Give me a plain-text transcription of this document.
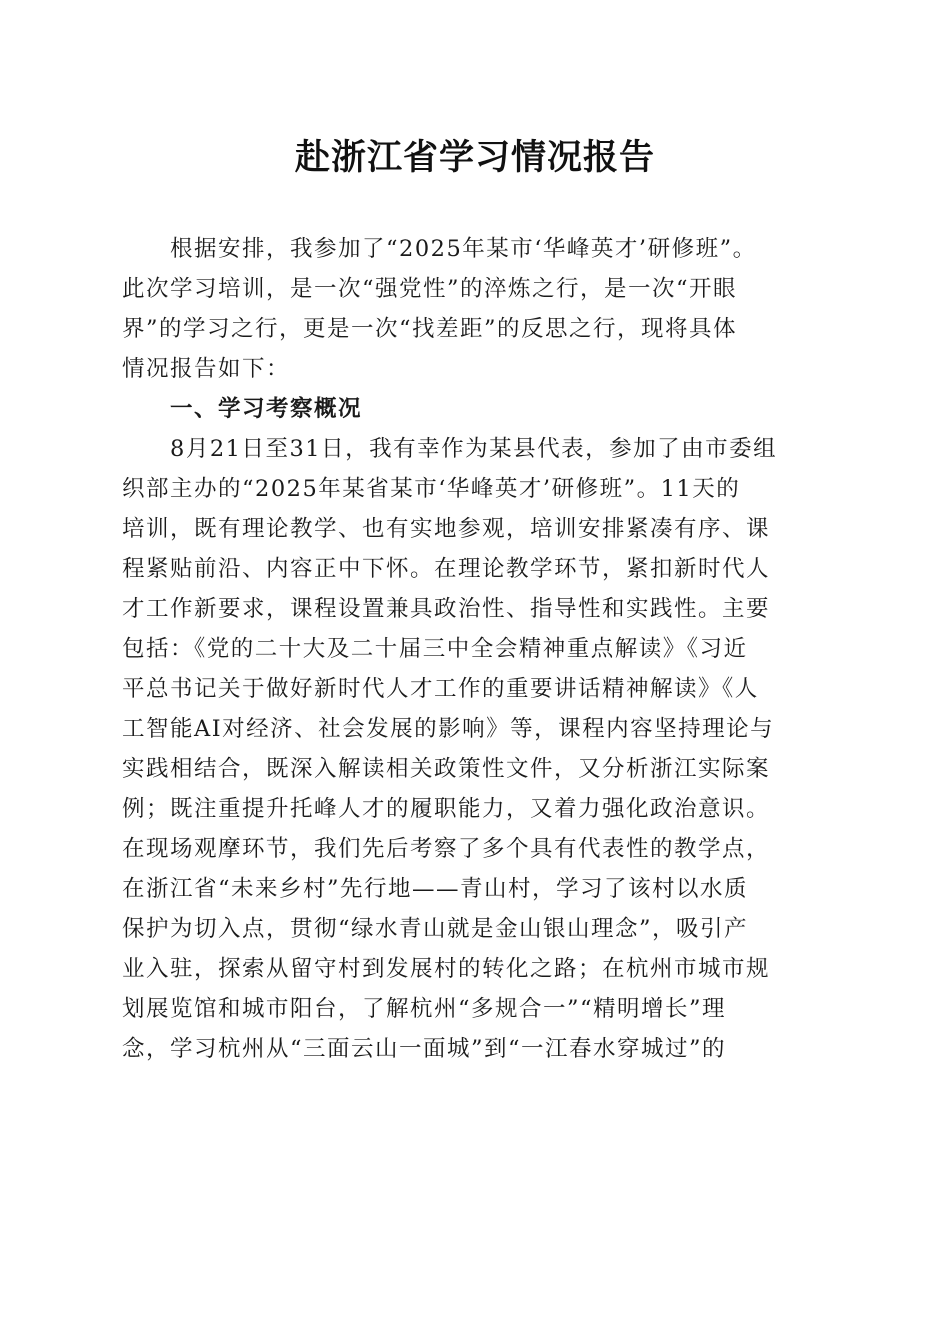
赴浙江省学习情况报告
根据安排，我参加了“2025年某市‘华峰英才’研修班”。
此次学习培训，是一次“强党性”的淬炼之行，是一次“开眼
界”的学习之行，更是一次“找差距”的反思之行，现将具体
情况报告如下：
一、学习考察概况
8月21日至31日，我有幸作为某县代表，参加了由市委组
织部主办的“2025年某省某市‘华峰英才’研修班”。11天的
培训，既有理论教学、也有实地参观，培训安排紧凑有序、课
程紧贴前沿、内容正中下怀。在理论教学环节，紧扣新时代人
才工作新要求，课程设置兼具政治性、指导性和实践性。主要
包括：《党的二十大及二十届三中全会精神重点解读》《习近
平总书记关于做好新时代人才工作的重要讲话精神解读》《人
工智能AI对经济、社会发展的影响》等，课程内容坚持理论与
实践相结合，既深入解读相关政策性文件，又分析浙江实际案
例；既注重提升托峰人才的履职能力，又着力强化政治意识。
在现场观摩环节，我们先后考察了多个具有代表性的教学点，
在浙江省“未来乡村”先行地——青山村，学习了该村以水质
保护为切入点，贯彻“绿水青山就是金山银山理念”，吸引产
业入驻，探索从留守村到发展村的转化之路；在杭州市城市规
划展览馆和城市阳台，了解杭州“多规合一”“精明增长”理
念，学习杭州从“三面云山一面城”到“一江春水穿城过”的
